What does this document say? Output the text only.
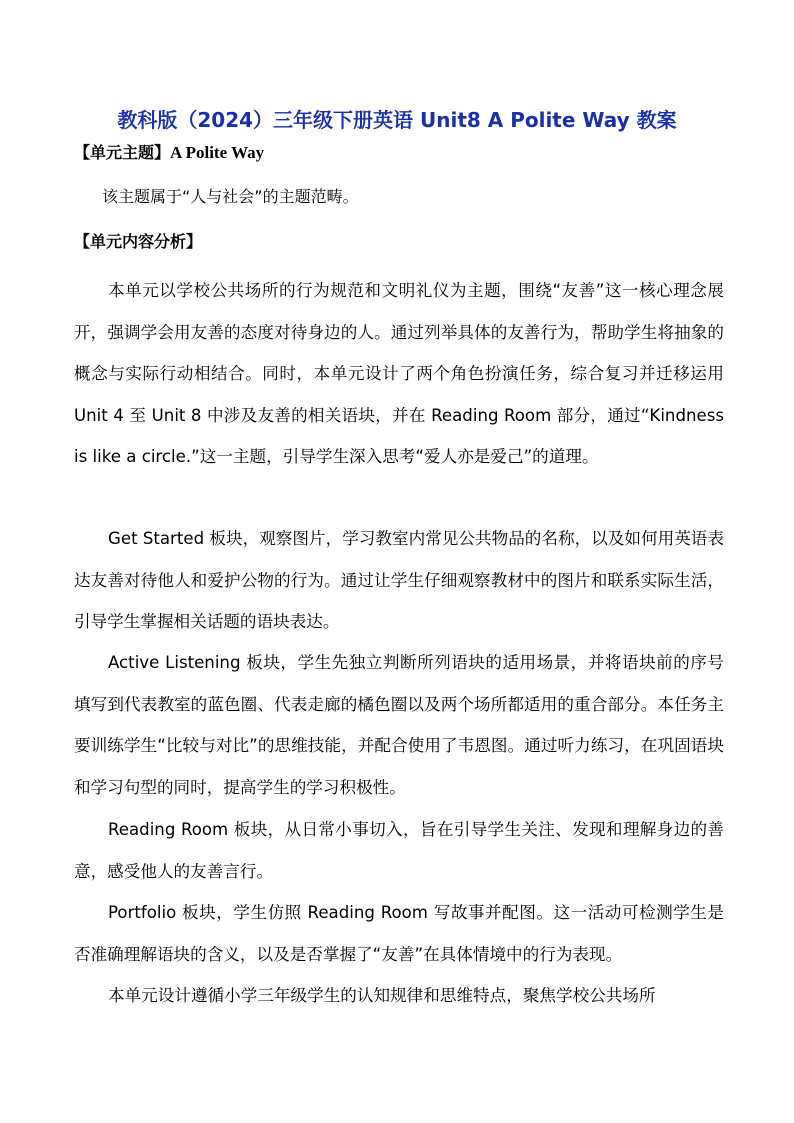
教科版（2024）三年级下册英语 Unit8 A Polite Way 教案
【单元主题】A Polite Way
该主题属于“人与社会”的主题范畴。
【单元内容分析】
本单元以学校公共场所的行为规范和文明礼仪为主题，围绕“友善”这一核心理念展开，强调学会用友善的态度对待身边的人。通过列举具体的友善行为，帮助学生将抽象的概念与实际行动相结合。同时，本单元设计了两个角色扮演任务，综合复习并迁移运用Unit 4 至 Unit 8 中涉及友善的相关语块，并在 Reading Room 部分，通过“Kindness is like a circle.”这一主题，引导学生深入思考“爱人亦是爱己”的道理。
Get Started 板块，观察图片，学习教室内常见公共物品的名称，以及如何用英语表达友善对待他人和爱护公物的行为。通过让学生仔细观察教材中的图片和联系实际生活，引导学生掌握相关话题的语块表达。
Active Listening 板块，学生先独立判断所列语块的适用场景，并将语块前的序号填写到代表教室的蓝色圈、代表走廊的橘色圈以及两个场所都适用的重合部分。本任务主要训练学生“比较与对比”的思维技能，并配合使用了韦恩图。通过听力练习，在巩固语块和学习句型的同时，提高学生的学习积极性。
Reading Room 板块，从日常小事切入，旨在引导学生关注、发现和理解身边的善意，感受他人的友善言行。
Portfolio 板块，学生仿照 Reading Room 写故事并配图。这一活动可检测学生是否准确理解语块的含义，以及是否掌握了“友善”在具体情境中的行为表现。
本单元设计遵循小学三年级学生的认知规律和思维特点，聚焦学校公共场所
